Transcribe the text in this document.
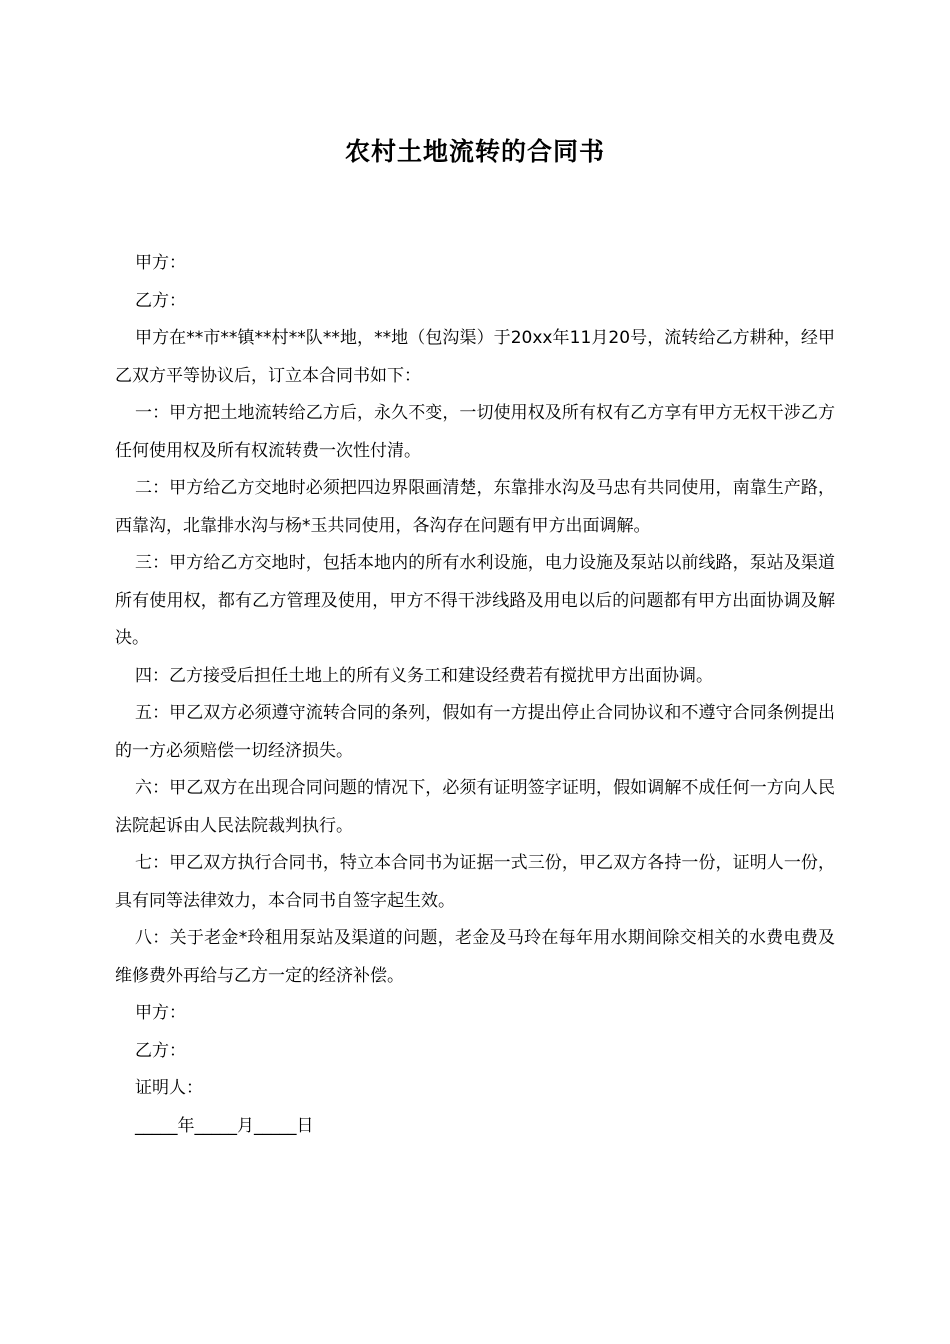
农村土地流转的合同书

甲方：

乙方：

甲方在**市**镇**村**队**地，**地（包沟渠）于20xx年11月20号，流转给乙方耕种，经甲乙双方平等协议后，订立本合同书如下：

一：甲方把土地流转给乙方后，永久不变，一切使用权及所有权有乙方享有甲方无权干涉乙方任何使用权及所有权流转费一次性付清。

二：甲方给乙方交地时必须把四边界限画清楚，东靠排水沟及马忠有共同使用，南靠生产路，西靠沟，北靠排水沟与杨*玉共同使用，各沟存在问题有甲方出面调解。

三：甲方给乙方交地时，包括本地内的所有水利设施，电力设施及泵站以前线路，泵站及渠道所有使用权，都有乙方管理及使用，甲方不得干涉线路及用电以后的问题都有甲方出面协调及解决。

四：乙方接受后担任土地上的所有义务工和建设经费若有搅扰甲方出面协调。

五：甲乙双方必须遵守流转合同的条列，假如有一方提出停止合同协议和不遵守合同条例提出的一方必须赔偿一切经济损失。

六：甲乙双方在出现合同问题的情况下，必须有证明签字证明，假如调解不成任何一方向人民法院起诉由人民法院裁判执行。

七：甲乙双方执行合同书，特立本合同书为证据一式三份，甲乙双方各持一份，证明人一份，具有同等法律效力，本合同书自签字起生效。

八：关于老金*玲租用泵站及渠道的问题，老金及马玲在每年用水期间除交相关的水费电费及维修费外再给与乙方一定的经济补偿。

甲方：

乙方：

证明人：

_____年_____月_____日
